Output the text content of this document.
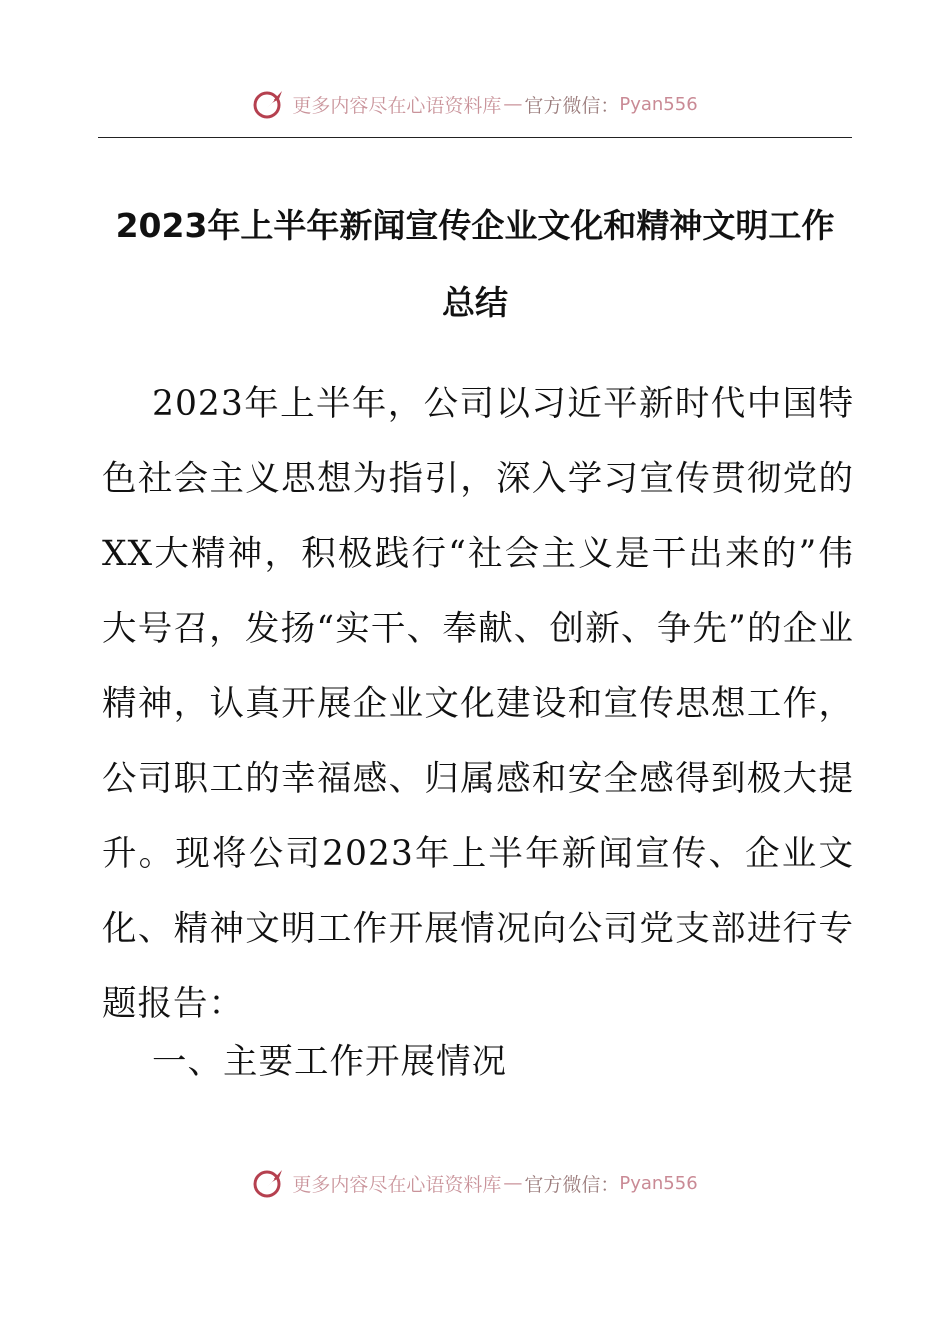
更多内容尽在心语资料库 — 官方微信： Pyan556
2023年上半年新闻宣传企业文化和精神文明工作
总结

2023年上半年，公司以习近平新时代中国特色社会主义思想为指引，深入学习宣传贯彻党的XX大精神，积极践行“社会主义是干出来的”伟大号召，发扬“实干、奉献、创新、争先”的企业精神，认真开展企业文化建设和宣传思想工作，公司职工的幸福感、归属感和安全感得到极大提升。现将公司2023年上半年新闻宣传、企业文化、精神文明工作开展情况向公司党支部进行专题报告：

一、主要工作开展情况
更多内容尽在心语资料库 — 官方微信： Pyan556
